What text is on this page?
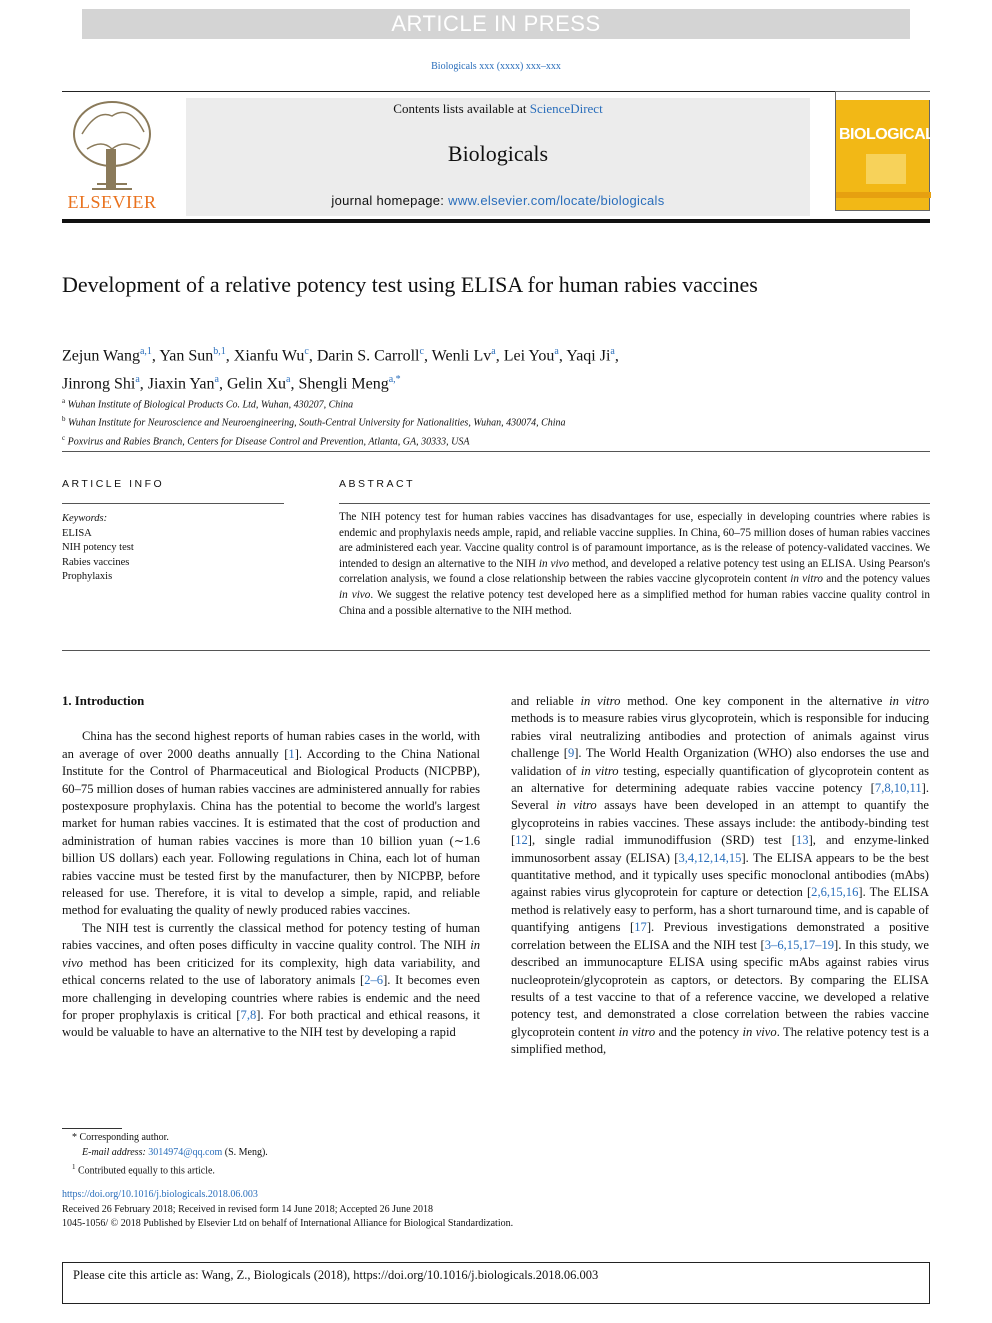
ARTICLE IN PRESS
Biologicals xxx (xxxx) xxx–xxx
ELSEVIER
Contents lists available at ScienceDirect
Biologicals
journal homepage: www.elsevier.com/locate/biologicals
BIOLOGICALS
Development of a relative potency test using ELISA for human rabies vaccines
Zejun Wang$^{a,1}$, Yan Sun$^{b,1}$, Xianfu Wu$^c$, Darin S. Carroll$^c$, Wenli Lv$^a$, Lei You$^a$, Yaqi Ji$^a$,
Jinrong Shi$^a$, Jiaxin Yan$^a$, Gelin Xu$^a$, Shengli Meng$^{a,*}$
$^a$ Wuhan Institute of Biological Products Co. Ltd, Wuhan, 430207, China
$^b$ Wuhan Institute for Neuroscience and Neuroengineering, South-Central University for Nationalities, Wuhan, 430074, China
$^c$ Poxvirus and Rabies Branch, Centers for Disease Control and Prevention, Atlanta, GA, 30333, USA
ARTICLE INFO	ABSTRACT
Keywords:
ELISA
NIH potency test
Rabies vaccines
Prophylaxis
The NIH potency test for human rabies vaccines has disadvantages for use, especially in developing countries where rabies is endemic and prophylaxis needs ample, rapid, and reliable vaccine supplies. In China, 60–75 million doses of human rabies vaccines are administered each year. Vaccine quality control is of paramount importance, as is the release of potency-validated vaccines. We intended to design an alternative to the NIH in vivo method, and developed a relative potency test using an ELISA. Using Pearson's correlation analysis, we found a close relationship between the rabies vaccine glycoprotein content in vitro and the potency values in vivo. We suggest the relative potency test developed here as a simplified method for human rabies vaccine quality control in China and a possible alternative to the NIH method.
1. Introduction

China has the second highest reports of human rabies cases in the world, with an average of over 2000 deaths annually [1]. According to the China National Institute for the Control of Pharmaceutical and Biological Products (NICPBP), 60–75 million doses of human rabies vaccines are administered annually for rabies postexposure prophylaxis. China has the potential to become the world's largest market for human rabies vaccines. It is estimated that the cost of production and administration of human rabies vaccines is more than 10 billion yuan (∼1.6 billion US dollars) each year. Following regulations in China, each lot of human rabies vaccine must be tested first by the manufacturer, then by NICPBP, before released for use. Therefore, it is vital to develop a simple, rapid, and reliable method for evaluating the quality of newly produced rabies vaccines.

The NIH test is currently the classical method for potency testing of human rabies vaccines, and often poses difficulty in vaccine quality control. The NIH in vivo method has been criticized for its complexity, high data variability, and ethical concerns related to the use of laboratory animals [2–6]. It becomes even more challenging in developing countries where rabies is endemic and the need for proper prophylaxis is critical [7,8]. For both practical and ethical reasons, it would be valuable to have an alternative to the NIH test by developing a rapid

and reliable in vitro method. One key component in the alternative in vitro methods is to measure rabies virus glycoprotein, which is responsible for inducing rabies viral neutralizing antibodies and protection of animals against virus challenge [9]. The World Health Organization (WHO) also endorses the use and validation of in vitro testing, especially quantification of glycoprotein content as an alternative for determining adequate rabies vaccine potency [7,8,10,11]. Several in vitro assays have been developed in an attempt to quantify the glycoproteins in rabies vaccines. These assays include: the antibody-binding test [12], single radial immunodiffusion (SRD) test [13], and enzyme-linked immunosorbent assay (ELISA) [3,4,12,14,15]. The ELISA appears to be the best quantitative method, and it typically uses specific monoclonal antibodies (mAbs) against rabies virus glycoprotein for capture or detection [2,6,15,16]. The ELISA method is relatively easy to perform, has a short turnaround time, and is capable of quantifying antigens [17]. Previous investigations demonstrated a positive correlation between the ELISA and the NIH test [3–6,15,17–19]. In this study, we described an immunocapture ELISA using specific mAbs against rabies virus nucleoprotein/glycoprotein as captors, or detectors. By comparing the ELISA results of a test vaccine to that of a reference vaccine, we developed a relative potency test, and demonstrated a close correlation between the rabies vaccine glycoprotein content in vitro and the potency in vivo. The relative potency test is a simplified method,

* Corresponding author.
E-mail address: 3014974@qq.com (S. Meng).
$^1$ Contributed equally to this article.
https://doi.org/10.1016/j.biologicals.2018.06.003
Received 26 February 2018; Received in revised form 14 June 2018; Accepted 26 June 2018
1045-1056/ © 2018 Published by Elsevier Ltd on behalf of International Alliance for Biological Standardization.
Please cite this article as: Wang, Z., Biologicals (2018), https://doi.org/10.1016/j.biologicals.2018.06.003
